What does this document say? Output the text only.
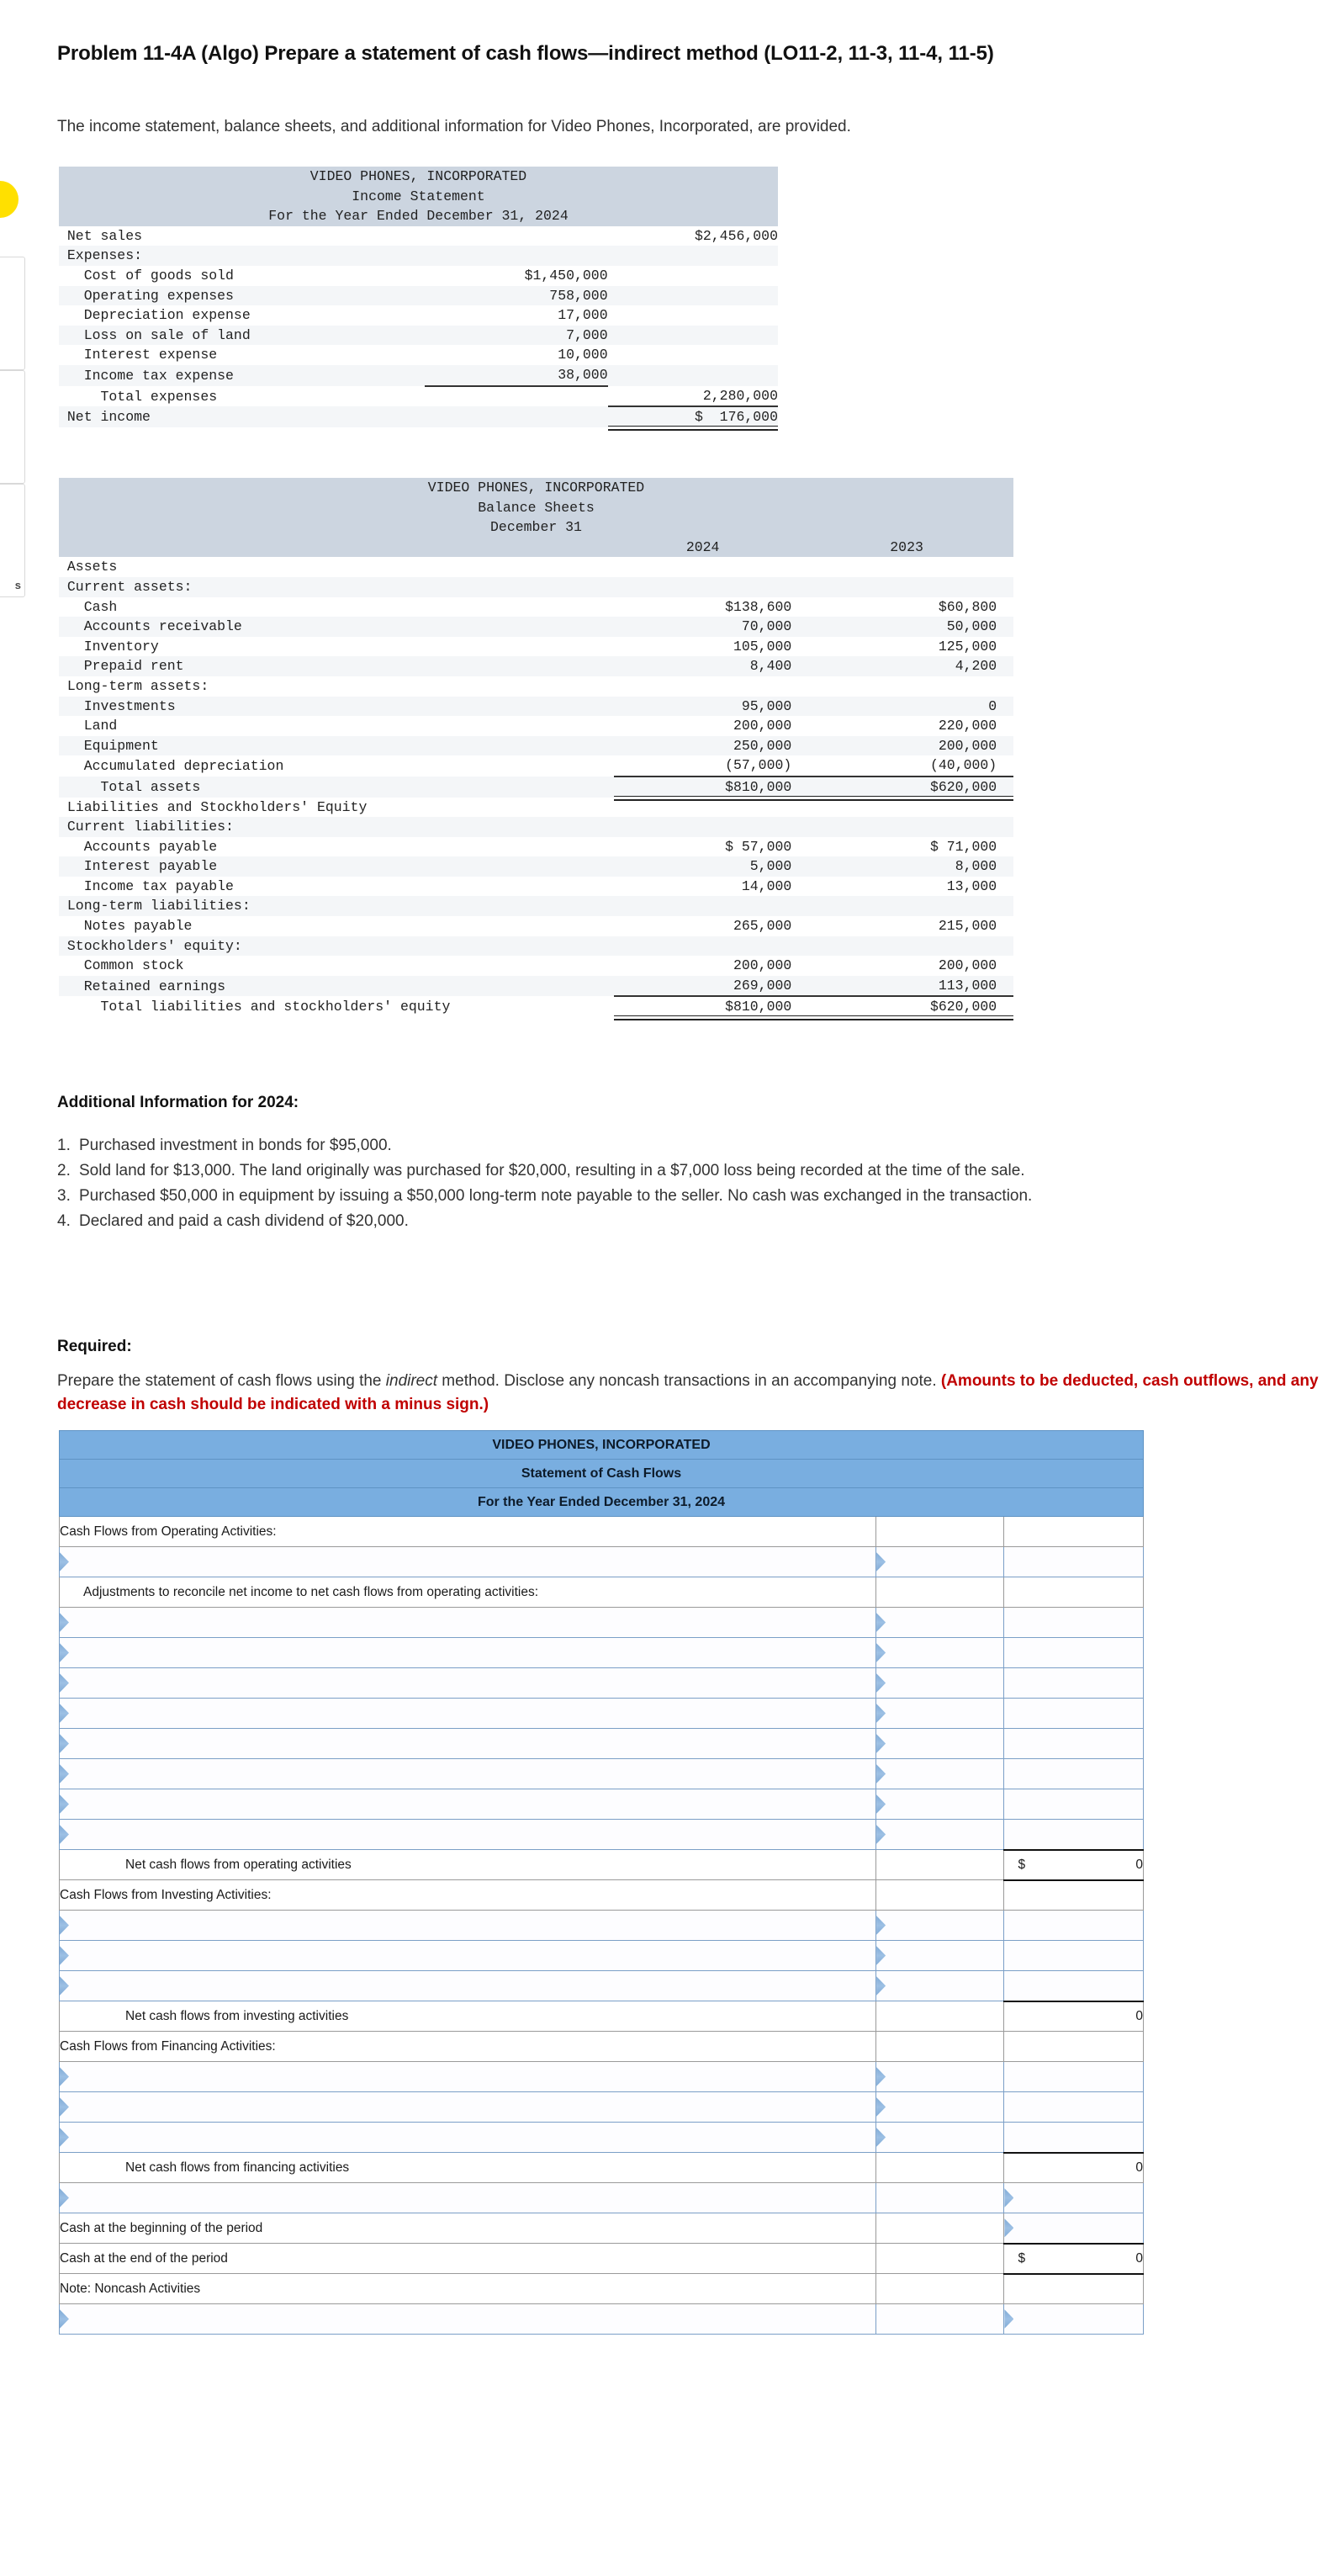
s
Problem 11-4A (Algo) Prepare a statement of cash flows—indirect method (LO11-2, 11-3, 11-4, 11-5)
The income statement, balance sheets, and additional information for Video Phones, Incorporated, are provided.
VIDEO PHONES, INCORPORATED		
Income Statement		
For the Year Ended December 31, 2024		
Net sales		$2,456,000
Expenses:		
Cost of goods sold	$1,450,000	
Operating expenses	758,000	
Depreciation expense	17,000	
Loss on sale of land	7,000	
Interest expense	10,000	
Income tax expense	38,000	
Total expenses		2,280,000
Net income		$  176,000
VIDEO PHONES, INCORPORATED		
Balance Sheets		
December 31		
	2024	2023
Assets		
Current assets:		
Cash	$138,600	$60,800
Accounts receivable	70,000	50,000
Inventory	105,000	125,000
Prepaid rent	8,400	4,200
Long-term assets:		
Investments	95,000	0
Land	200,000	220,000
Equipment	250,000	200,000
Accumulated depreciation	(57,000)	(40,000)
Total assets	$810,000	$620,000
Liabilities and Stockholders' Equity		
Current liabilities:		
Accounts payable	$ 57,000	$ 71,000
Interest payable	5,000	8,000
Income tax payable	14,000	13,000
Long-term liabilities:		
Notes payable	265,000	215,000
Stockholders' equity:		
Common stock	200,000	200,000
Retained earnings	269,000	113,000
Total liabilities and stockholders' equity	$810,000	$620,000
Additional Information for 2024:
1. Purchased investment in bonds for $95,000.
2. Sold land for $13,000. The land originally was purchased for $20,000, resulting in a $7,000 loss being recorded at the time of the sale.
3. Purchased $50,000 in equipment by issuing a $50,000 long-term note payable to the seller. No cash was exchanged in the transaction.
4. Declared and paid a cash dividend of $20,000.
Required:
Prepare the statement of cash flows using the indirect method. Disclose any noncash transactions in an accompanying note. (Amounts to be deducted, cash outflows, and any decrease in cash should be indicated with a minus sign.)
VIDEO PHONES, INCORPORATED		
Statement of Cash Flows		
For the Year Ended December 31, 2024		
Cash Flows from Operating Activities:		

Adjustments to reconcile net income to net cash flows from operating activities:		

Net cash flows from operating activities		$ 0
Cash Flows from Investing Activities:		

Net cash flows from investing activities		0
Cash Flows from Financing Activities:		

Net cash flows from financing activities		0

Cash at the beginning of the period		
Cash at the end of the period		$ 0
Note: Noncash Activities		
